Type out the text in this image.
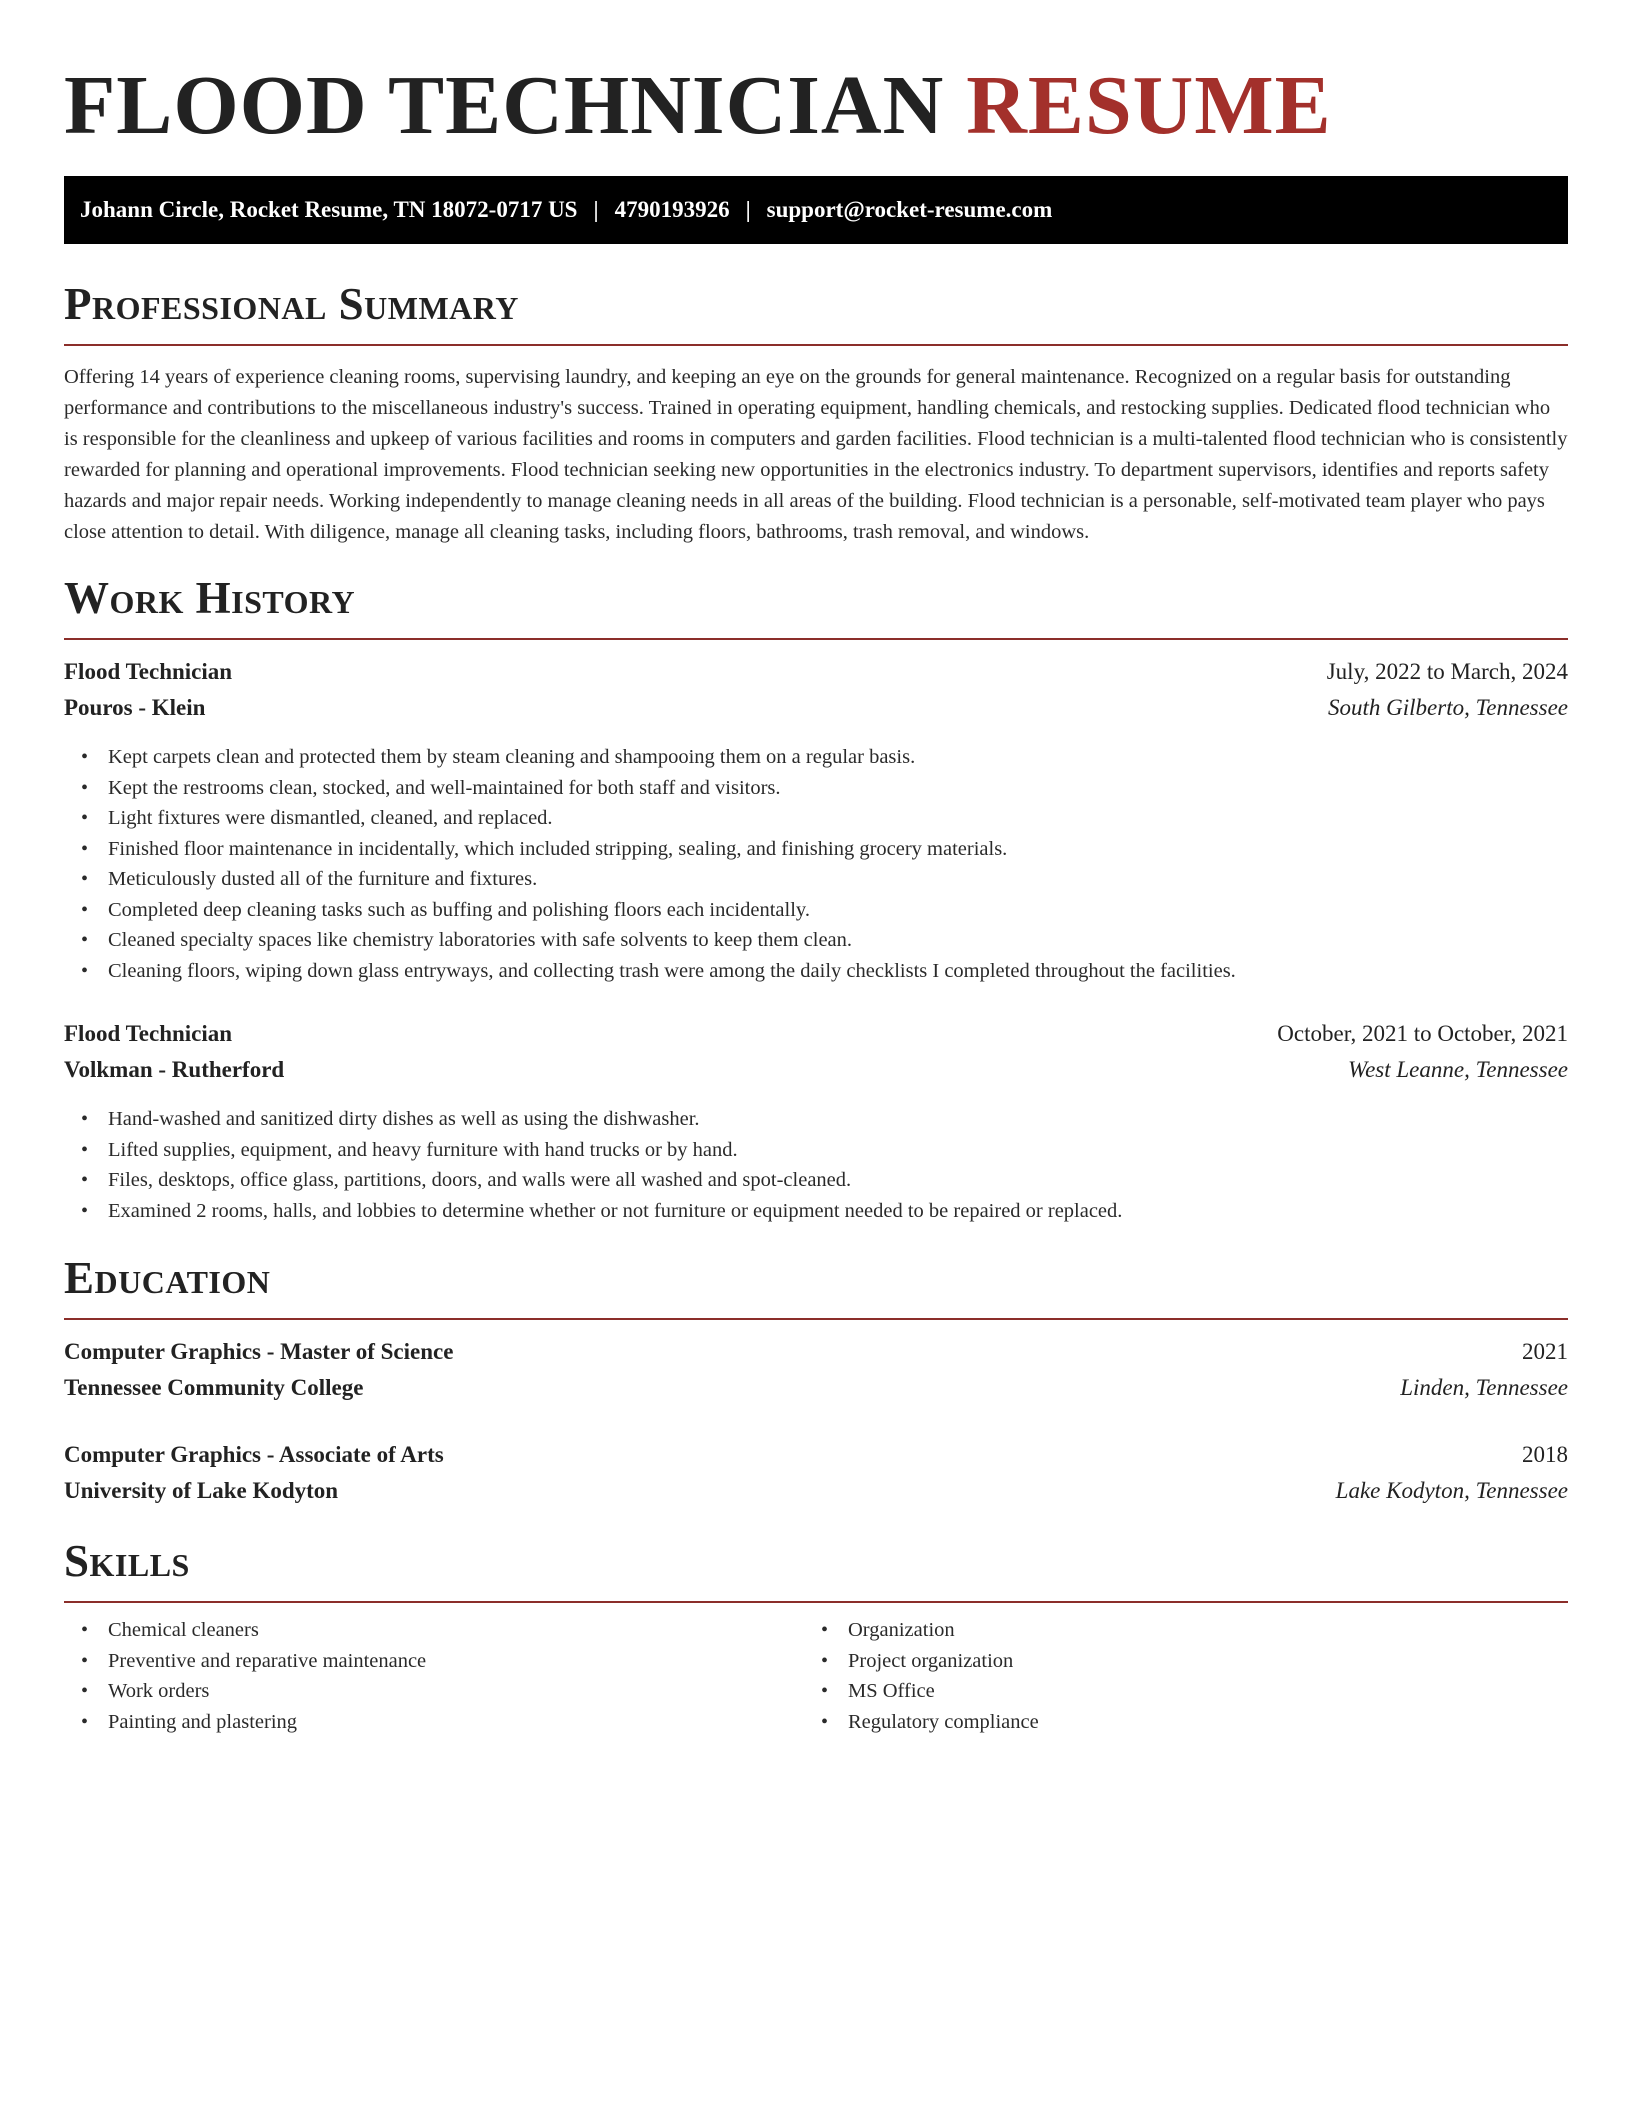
FLOOD TECHNICIAN RESUME
Johann Circle, Rocket Resume, TN 18072-0717 US | 4790193926 | support@rocket-resume.com
Professional Summary

Offering 14 years of experience cleaning rooms, supervising laundry, and keeping an eye on the grounds for general maintenance. Recognized on a regular basis for outstanding performance and contributions to the miscellaneous industry's success. Trained in operating equipment, handling chemicals, and restocking supplies. Dedicated flood technician who is responsible for the cleanliness and upkeep of various facilities and rooms in computers and garden facilities. Flood technician is a multi-talented flood technician who is consistently rewarded for planning and operational improvements. Flood technician seeking new opportunities in the electronics industry. To department supervisors, identifies and reports safety hazards and major repair needs. Working independently to manage cleaning needs in all areas of the building. Flood technician is a personable, self-motivated team player who pays close attention to detail. With diligence, manage all cleaning tasks, including floors, bathrooms, trash removal, and windows.

Work History
Flood Technician	July, 2022 to March, 2024
Pouros - Klein	South Gilberto, Tennessee
• Kept carpets clean and protected them by steam cleaning and shampooing them on a regular basis.
• Kept the restrooms clean, stocked, and well-maintained for both staff and visitors.
• Light fixtures were dismantled, cleaned, and replaced.
• Finished floor maintenance in incidentally, which included stripping, sealing, and finishing grocery materials.
• Meticulously dusted all of the furniture and fixtures.
• Completed deep cleaning tasks such as buffing and polishing floors each incidentally.
• Cleaned specialty spaces like chemistry laboratories with safe solvents to keep them clean.
• Cleaning floors, wiping down glass entryways, and collecting trash were among the daily checklists I completed throughout the facilities.
Flood Technician	October, 2021 to October, 2021
Volkman - Rutherford	West Leanne, Tennessee
• Hand-washed and sanitized dirty dishes as well as using the dishwasher.
• Lifted supplies, equipment, and heavy furniture with hand trucks or by hand.
• Files, desktops, office glass, partitions, doors, and walls were all washed and spot-cleaned.
• Examined 2 rooms, halls, and lobbies to determine whether or not furniture or equipment needed to be repaired or replaced.
Education
Computer Graphics - Master of Science	2021
Tennessee Community College	Linden, Tennessee
Computer Graphics - Associate of Arts	2018
University of Lake Kodyton	Lake Kodyton, Tennessee
Skills
• Chemical cleaners
• Preventive and reparative maintenance
• Work orders
• Painting and plastering
• Organization
• Project organization
• MS Office
• Regulatory compliance
